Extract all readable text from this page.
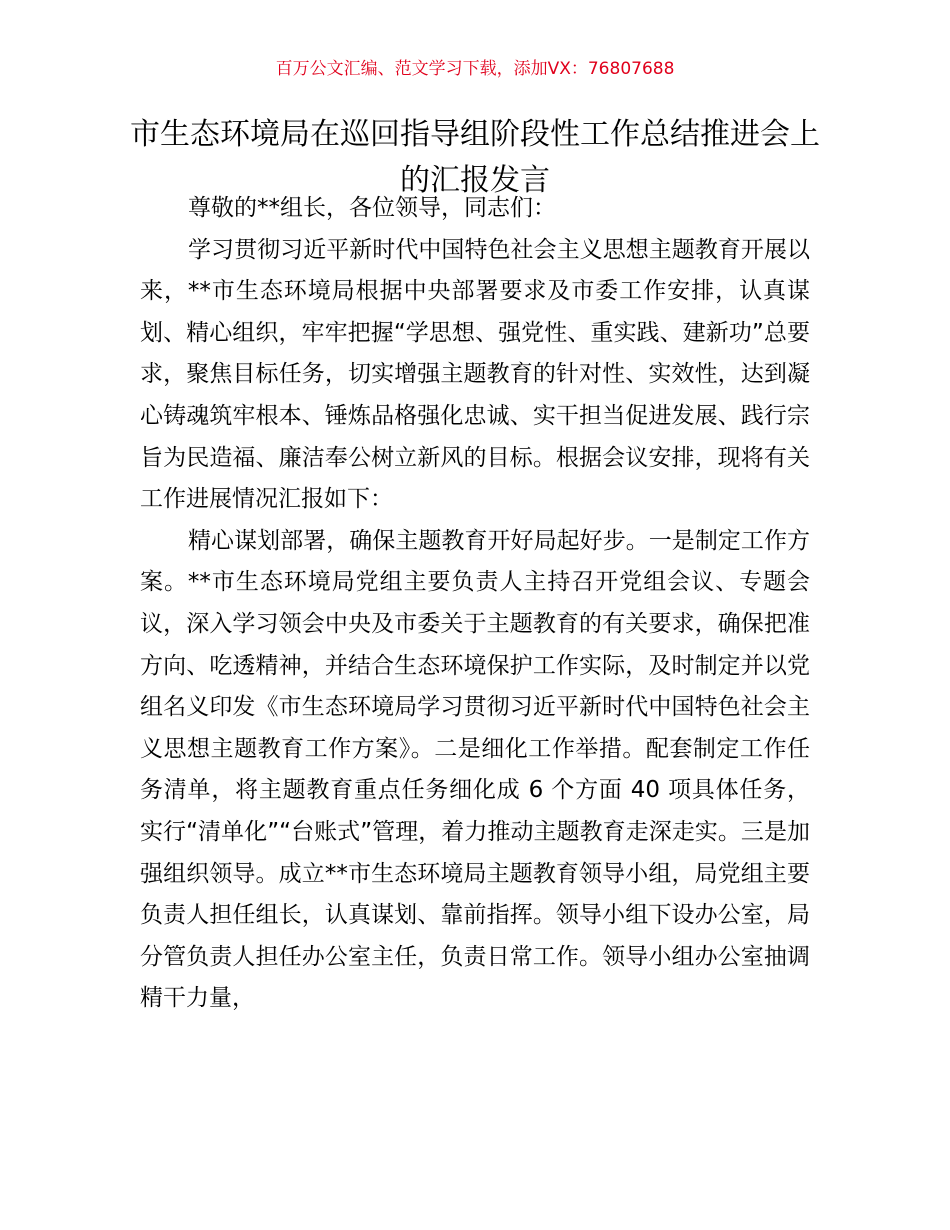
百万公文汇编、范文学习下载，添加VX：76807688
市生态环境局在巡回指导组阶段性工作总结推进会上的汇报发言

尊敬的**组长，各位领导，同志们：

学习贯彻习近平新时代中国特色社会主义思想主题教育开展以来，**市生态环境局根据中央部署要求及市委工作安排，认真谋划、精心组织，牢牢把握“学思想、强党性、重实践、建新功”总要求，聚焦目标任务，切实增强主题教育的针对性、实效性，达到凝心铸魂筑牢根本、锤炼品格强化忠诚、实干担当促进发展、践行宗旨为民造福、廉洁奉公树立新风的目标。根据会议安排，现将有关工作进展情况汇报如下：

精心谋划部署，确保主题教育开好局起好步。一是制定工作方案。**市生态环境局党组主要负责人主持召开党组会议、专题会议，深入学习领会中央及市委关于主题教育的有关要求，确保把准方向、吃透精神，并结合生态环境保护工作实际，及时制定并以党组名义印发《市生态环境局学习贯彻习近平新时代中国特色社会主义思想主题教育工作方案》。二是细化工作举措。配套制定工作任务清单，将主题教育重点任务细化成 6 个方面 40 项具体任务，实行“清单化”“台账式”管理，着力推动主题教育走深走实。三是加强组织领导。成立**市生态环境局主题教育领导小组，局党组主要负责人担任组长，认真谋划、靠前指挥。领导小组下设办公室，局分管负责人担任办公室主任，负责日常工作。领导小组办公室抽调精干力量，
